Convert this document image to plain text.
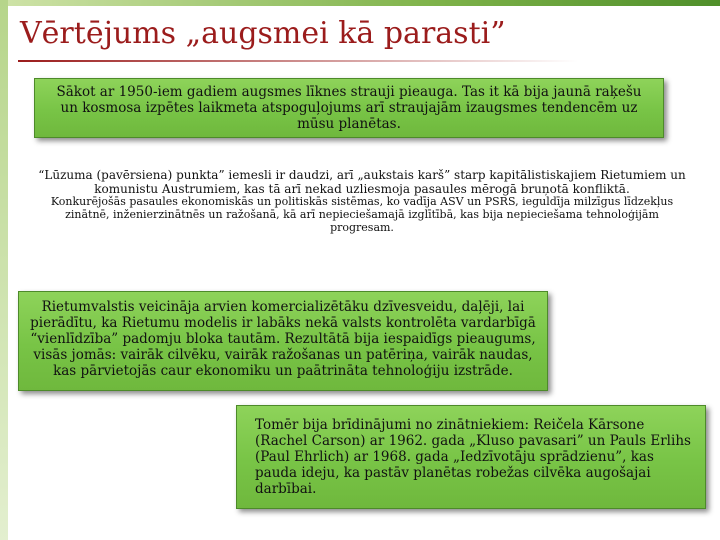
Vērtējums „augsmei kā parasti”
Sākot ar 1950-iem gadiem augsmes līknes strauji pieauga. Tas it kā bija jaunā raķešu un kosmosa izpētes laikmeta atspoguļojums arī straujajām izaugsmes tendencēm uz mūsu planētas.
“Lūzuma (pavērsiena) punkta” iemesli ir daudzi, arī „aukstais karš” starp kapitālistiskajiem Rietumiem un komunistu Austrumiem, kas tā arī nekad uzliesmoja pasaules mērogā bruņotā konfliktā.
Konkurējošās pasaules ekonomiskās un politiskās sistēmas, ko vadīja ASV un PSRS, ieguldīja milzīgus līdzekļus zinātnē, inženierzinātnēs un ražošanā, kā arī nepieciešamajā izglītībā, kas bija nepieciešama tehnoloģijām progresam.
Rietumvalstis veicināja arvien komercializētāku dzīvesveidu, daļēji, lai pierādītu, ka Rietumu modelis ir labāks nekā valsts kontrolēta vardarbīgā “vienlīdzība” padomju bloka tautām. Rezultātā bija iespaidīgs pieaugums, visās jomās: vairāk cilvēku, vairāk ražošanas un patēriņa, vairāk naudas, kas pārvietojās caur ekonomiku un paātrināta tehnoloģiju izstrāde.
Tomēr bija brīdinājumi no zinātniekiem: Reičela Kārsone (Rachel Carson) ar 1962. gada „Kluso pavasari” un Pauls Erlihs (Paul Ehrlich) ar 1968. gada „Iedzīvotāju sprādzienu”, kas pauda ideju, ka pastāv planētas robežas cilvēka augošajai darbībai.
